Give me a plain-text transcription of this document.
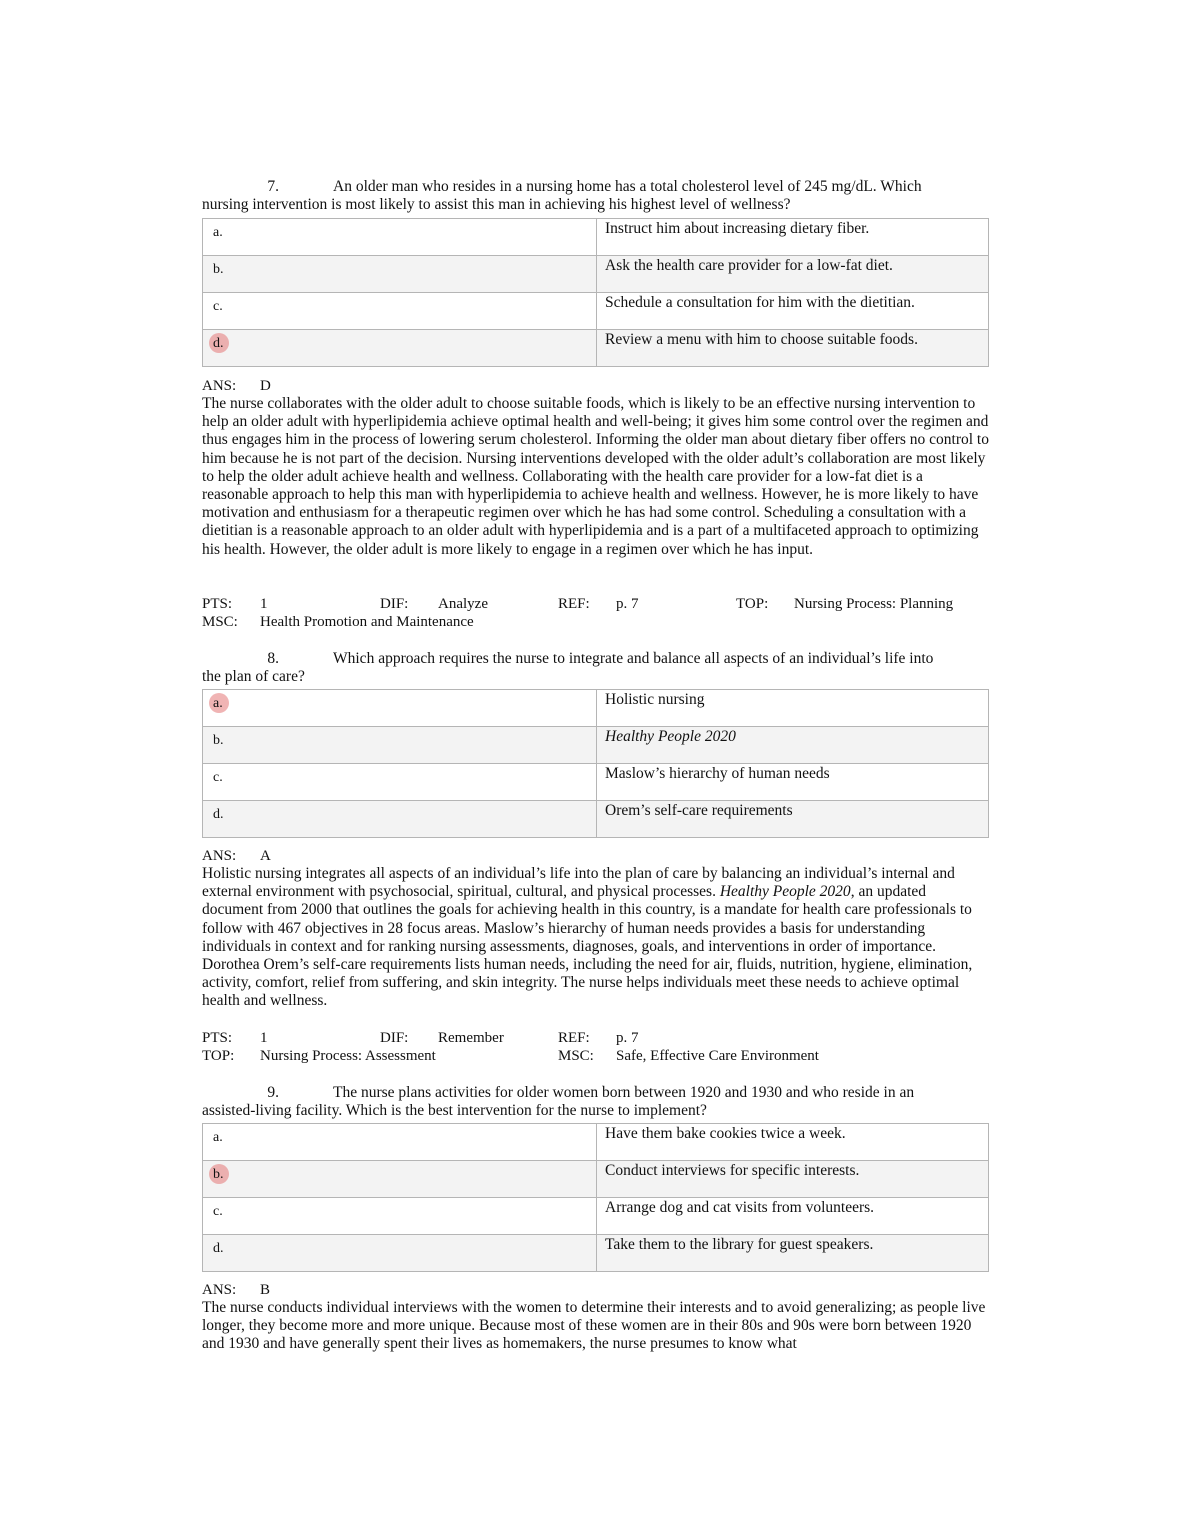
7.	An older man who resides in a nursing home has a total cholesterol level of 245 mg/dL. Which
nursing intervention is most likely to assist this man in achieving his highest level of wellness?
a.	Instruct him about increasing dietary fiber.

b.	Ask the health care provider for a low-fat diet.

c.	Schedule a consultation for him with the dietitian.

d.	Review a menu with him to choose suitable foods.
ANS: D
The nurse collaborates with the older adult to choose suitable foods, which is likely to be an effective nursing intervention to help an older adult with hyperlipidemia achieve optimal health and well-being; it gives him some control over the regimen and thus engages him in the process of lowering serum cholesterol. Informing the older man about dietary fiber offers no control to him because he is not part of the decision. Nursing interventions developed with the older adult’s collaboration are most likely to help the older adult achieve health and wellness. Collaborating with the health care provider for a low-fat diet is a reasonable approach to help this man with hyperlipidemia to achieve health and wellness. However, he is more likely to have motivation and enthusiasm for a therapeutic regimen over which he has had some control. Scheduling a consultation with a dietitian is a reasonable approach to an older adult with hyperlipidemia and is a part of a multifaceted approach to optimizing his health. However, the older adult is more likely to engage in a regimen over which he has input.
PTS: 1	DIF: Analyze	REF: p. 7	TOP: Nursing Process: Planning
MSC: Health Promotion and Maintenance
8.	Which approach requires the nurse to integrate and balance all aspects of an individual’s life into
the plan of care?
a.	Holistic nursing

b.	Healthy People 2020

c.	Maslow’s hierarchy of human needs

d.	Orem’s self-care requirements
ANS: A
Holistic nursing integrates all aspects of an individual’s life into the plan of care by balancing an individual’s internal and external environment with psychosocial, spiritual, cultural, and physical processes. Healthy People 2020, an updated document from 2000 that outlines the goals for achieving health in this country, is a mandate for health care professionals to follow with 467 objectives in 28 focus areas. Maslow’s hierarchy of human needs provides a basis for understanding individuals in context and for ranking nursing assessments, diagnoses, goals, and interventions in order of importance. Dorothea Orem’s self-care requirements lists human needs, including the need for air, fluids, nutrition, hygiene, elimination, activity, comfort, relief from suffering, and skin integrity. The nurse helps individuals meet these needs to achieve optimal health and wellness.
PTS: 1	DIF: Remember	REF: p. 7
TOP: Nursing Process: Assessment	MSC: Safe, Effective Care Environment
9.	The nurse plans activities for older women born between 1920 and 1930 and who reside in an
assisted-living facility. Which is the best intervention for the nurse to implement?
a.	Have them bake cookies twice a week.

b.	Conduct interviews for specific interests.

c.	Arrange dog and cat visits from volunteers.

d.	Take them to the library for guest speakers.
ANS: B
The nurse conducts individual interviews with the women to determine their interests and to avoid generalizing; as people live longer, they become more and more unique. Because most of these women are in their 80s and 90s were born between 1920 and 1930 and have generally spent their lives as homemakers, the nurse presumes to know what
